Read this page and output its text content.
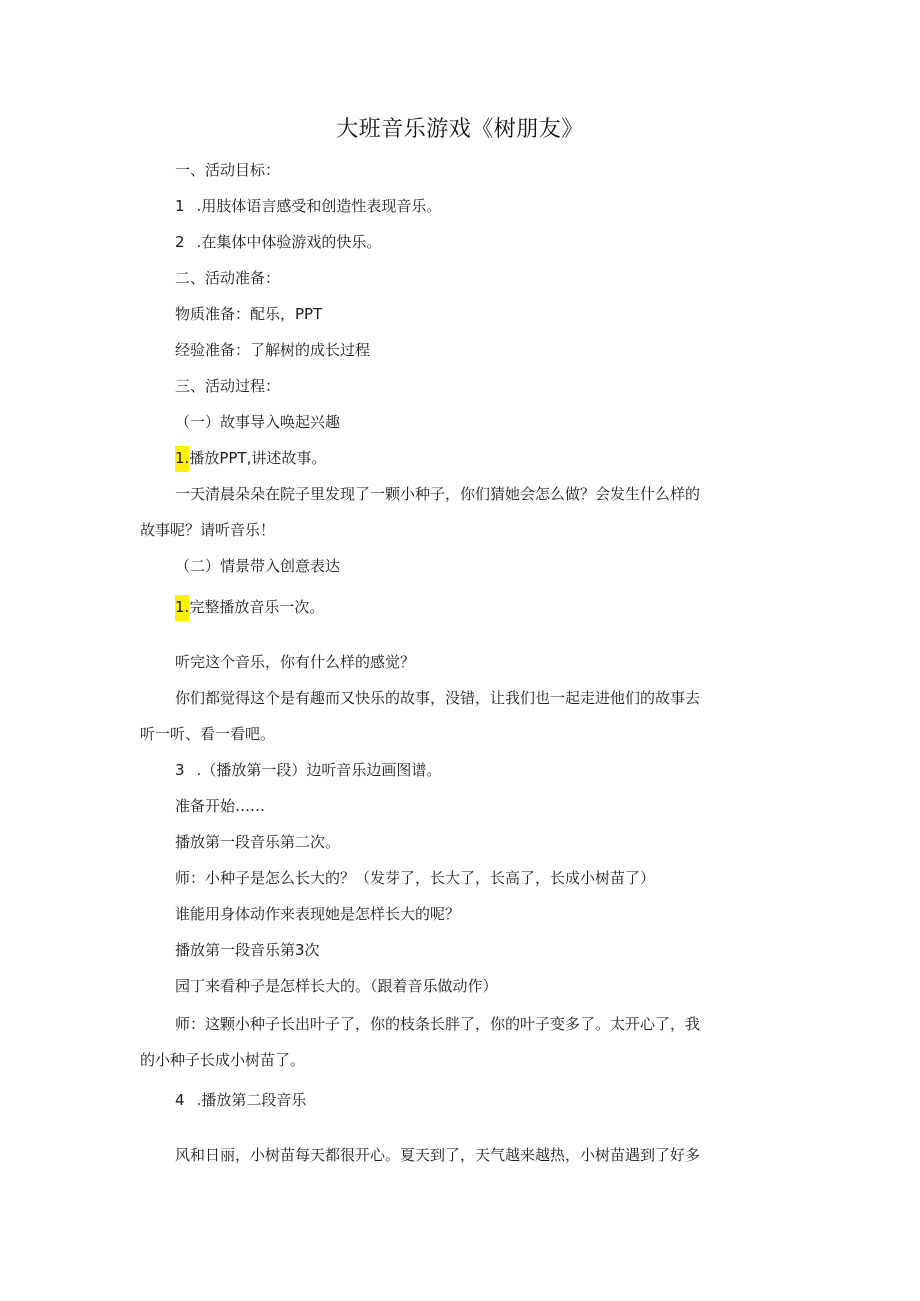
大班音乐游戏《树朋友》
一、活动目标：
1 .用肢体语言感受和创造性表现音乐。
2 .在集体中体验游戏的快乐。
二、活动准备：
物质准备：配乐，PPT
经验准备：了解树的成长过程
三、活动过程：
（一）故事导入唤起兴趣
1.播放PPT,讲述故事。
一天清晨朵朵在院子里发现了一颗小种子，你们猜她会怎么做？会发生什么样的
故事呢？请听音乐！
（二）情景带入创意表达
1.完整播放音乐一次。
听完这个音乐，你有什么样的感觉？
你们都觉得这个是有趣而又快乐的故事，没错，让我们也一起走进他们的故事去
听一听、看一看吧。
3 .（播放第一段）边听音乐边画图谱。
准备开始……
播放第一段音乐第二次。
师：小种子是怎么长大的？（发芽了，长大了，长高了，长成小树苗了）
谁能用身体动作来表现她是怎样长大的呢？
播放第一段音乐第3次
园丁来看种子是怎样长大的。（跟着音乐做动作）
师：这颗小种子长出叶子了，你的枝条长胖了，你的叶子变多了。太开心了，我
的小种子长成小树苗了。
4 .播放第二段音乐
风和日丽，小树苗每天都很开心。夏天到了，天气越来越热，小树苗遇到了好多
